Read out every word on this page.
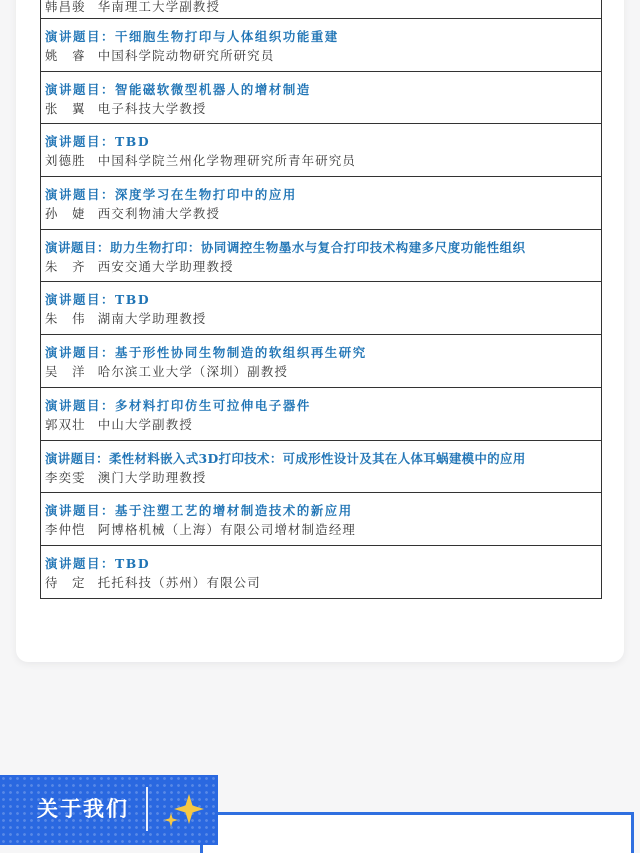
韩昌骏 华南理工大学副教授
演讲题目：干细胞生物打印与人体组织功能重建
姚　睿 中国科学院动物研究所研究员
演讲题目：智能磁软微型机器人的增材制造
张　翼 电子科技大学教授
演讲题目：TBD
刘德胜 中国科学院兰州化学物理研究所青年研究员
演讲题目：深度学习在生物打印中的应用
孙　婕 西交利物浦大学教授
演讲题目：助力生物打印：协同调控生物墨水与复合打印技术构建多尺度功能性组织
朱　齐 西安交通大学助理教授
演讲题目：TBD
朱　伟 湖南大学助理教授
演讲题目：基于形性协同生物制造的软组织再生研究
吴　洋 哈尔滨工业大学（深圳）副教授
演讲题目：多材料打印仿生可拉伸电子器件
郭双壮 中山大学副教授
演讲题目：柔性材料嵌入式3D打印技术：可成形性设计及其在人体耳蜗建模中的应用
李奕雯 澳门大学助理教授
演讲题目：基于注塑工艺的增材制造技术的新应用
李仲恺 阿博格机械（上海）有限公司增材制造经理
演讲题目：TBD
待　定 托托科技（苏州）有限公司
关于我们
